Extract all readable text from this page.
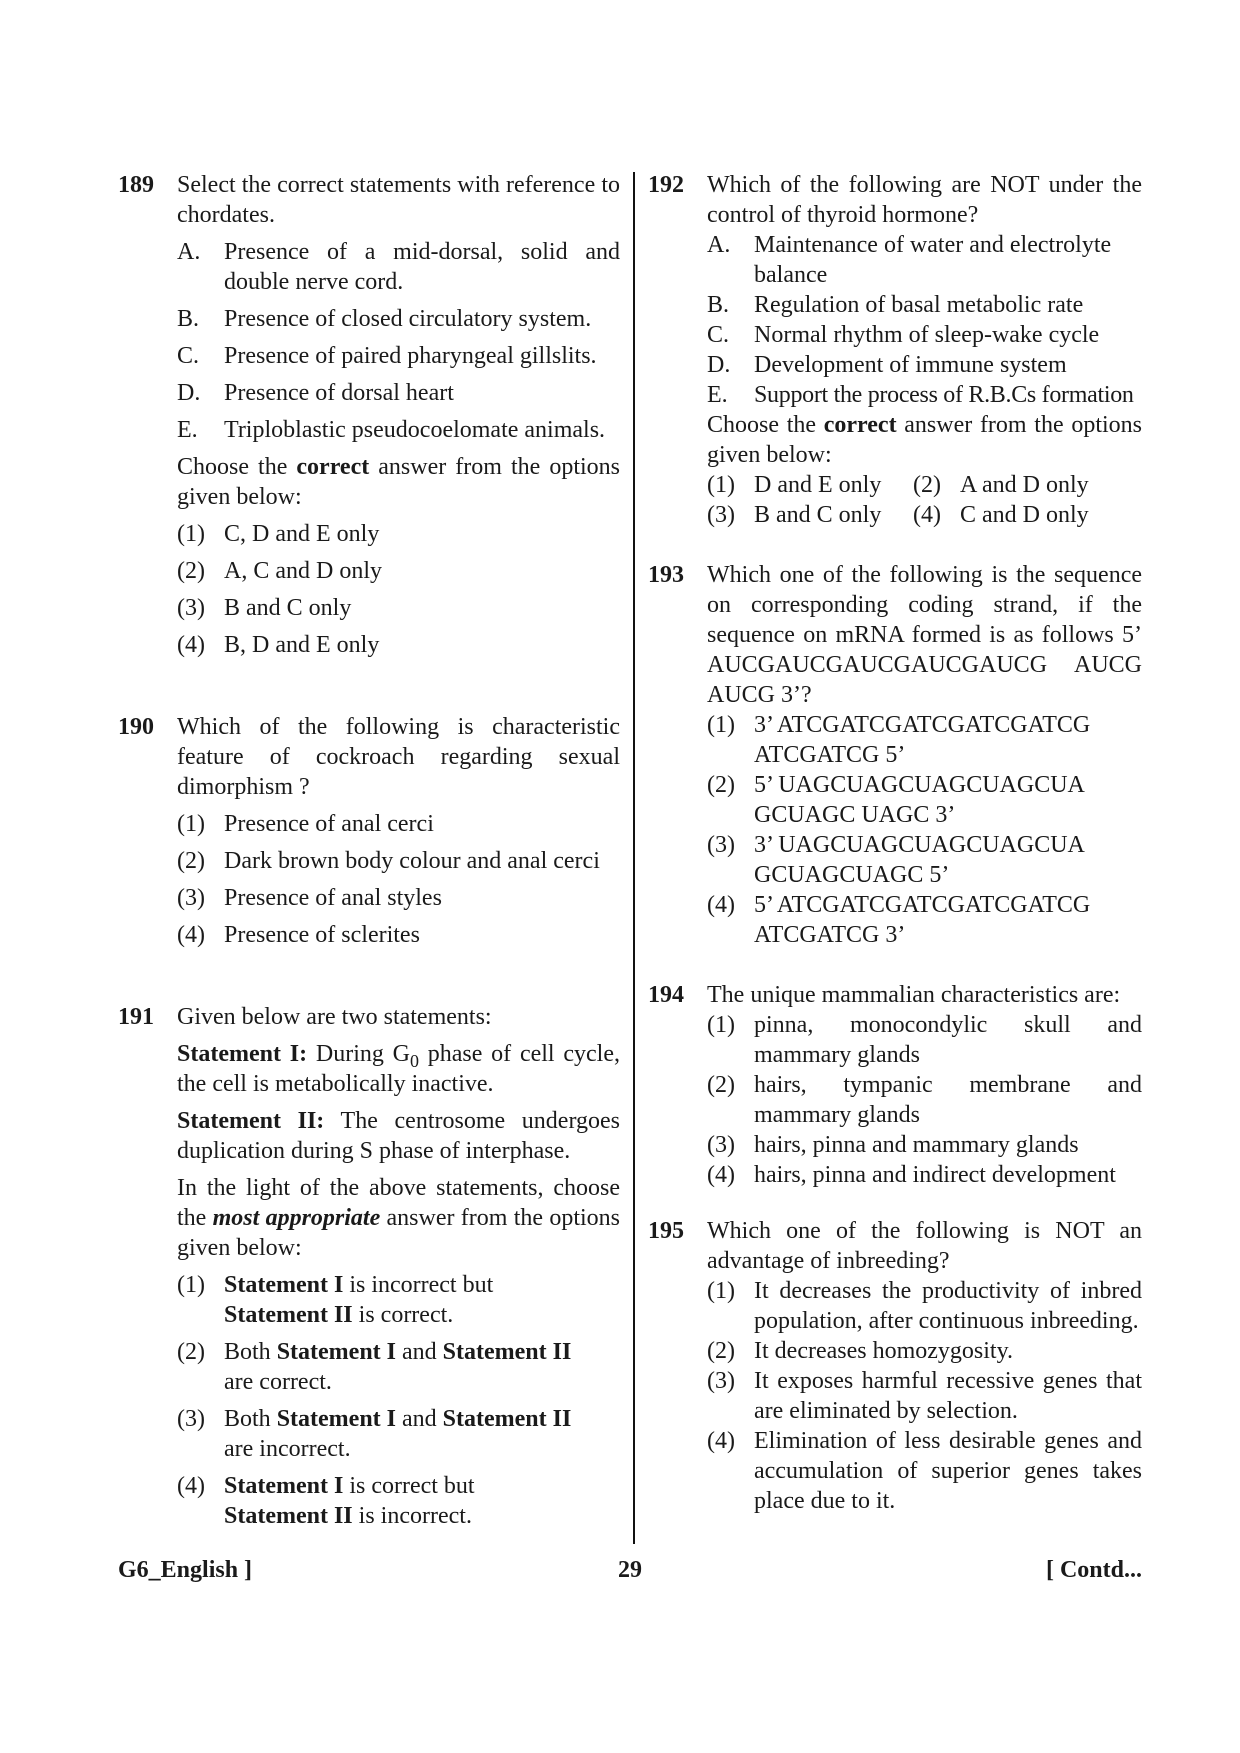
189 Select the correct statements with reference to chordates.

A. Presence of a mid-dorsal, solid and double nerve cord.
B.	Presence of closed circulatory system.
C.	Presence of paired pharyngeal gillslits.
D. Presence of dorsal heart
E.	Triploblastic pseudocoelomate animals.
Choose the correct answer from the options given below:
(1) C, D and E only
(2) A, C and D only
(3) B and C only
(4) B, D and E only
190 Which of the following is characteristic feature of cockroach regarding sexual dimorphism ?

(1) Presence of anal cerci
(2) Dark brown body colour and anal cerci
(3) Presence of anal styles
(4) Presence of sclerites
191 Given below are two statements:

Statement I: During $G_0$ phase of cell cycle, the cell is metabolically inactive.
Statement II: The centrosome undergoes duplication during S phase of interphase.
In the light of the above statements, choose the most appropriate answer from the options given below:
(1) Statement I is incorrect but
Statement II is correct.
(2) Both Statement I and Statement II
are correct.
(3) Both Statement I and Statement II
are incorrect.
(4) Statement I is correct but
Statement II is incorrect.
192 Which of the following are NOT under the control of thyroid hormone?

A. Maintenance of water and electrolyte balance
B.	Regulation of basal metabolic rate
C.	Normal rhythm of sleep-wake cycle
D. Development of immune system
E.	Support the process of R.B.Cs formation
Choose the correct answer from the options given below:
(1) D and E only (2) A and D only
(3) B and C only (4) C and D only
193 Which one of the following is the sequence on corresponding coding strand, if the sequence on mRNA formed is as follows 5’ AUCGAUCGAUCGAUCGAUCG AUCG AUCG 3’?

(1) 3’ ATCGATCGATCGATCGATCG ATCGATCG 5’
(2) 5’ UAGCUAGCUAGCUAGCUA GCUAGC UAGC 3’
(3) 3’ UAGCUAGCUAGCUAGCUA GCUAGCUAGC 5’
(4) 5’ ATCGATCGATCGATCGATCG ATCGATCG 3’
194 The unique mammalian characteristics are:

(1) pinna, monocondylic skull and mammary glands
(2) hairs, tympanic membrane and mammary glands
(3) hairs, pinna and mammary glands
(4) hairs, pinna and indirect development
195 Which one of the following is NOT an advantage of inbreeding?

(1) It decreases the productivity of inbred population, after continuous inbreeding.
(2) It decreases homozygosity.
(3) It exposes harmful recessive genes that are eliminated by selection.
(4) Elimination of less desirable genes and accumulation of superior genes takes place due to it.
G6_English ]	29	[ Contd...
